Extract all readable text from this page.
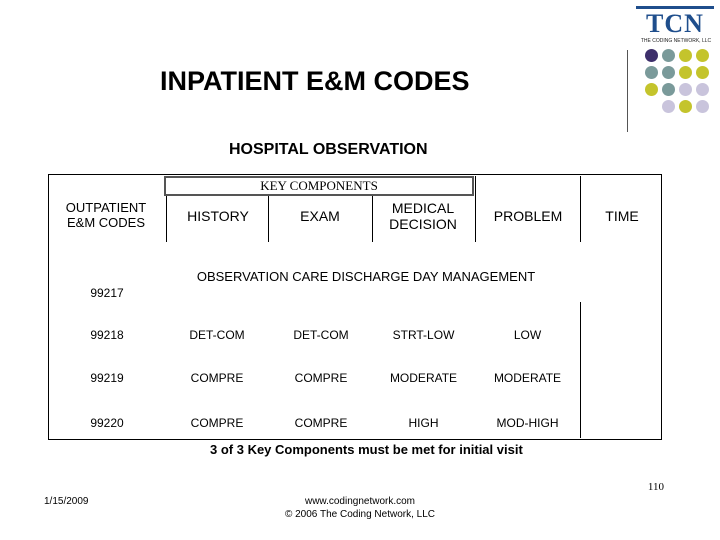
TCN
THE CODING NETWORK, LLC
INPATIENT E&M CODES
HOSPITAL OBSERVATION
KEY COMPONENTS
OUTPATIENT E&M CODES	HISTORY	EXAM	MEDICAL DECISION	PROBLEM	TIME
OBSERVATION CARE DISCHARGE DAY MANAGEMENT
99217
99218	DET-COM	DET-COM	STRT-LOW	LOW
99219	COMPRE	COMPRE	MODERATE	MODERATE
99220	COMPRE	COMPRE	HIGH	MOD-HIGH
3 of 3 Key Components must be met for initial visit
1/15/2009	www.codingnetwork.com
© 2006 The Coding Network, LLC
110
